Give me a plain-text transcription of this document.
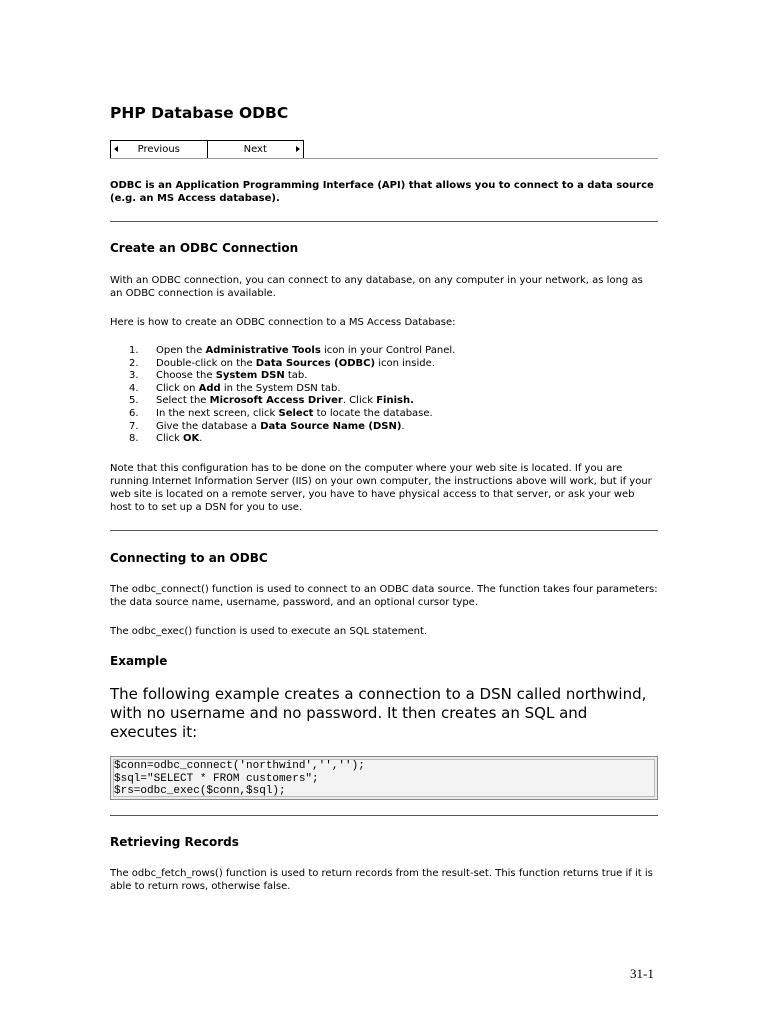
PHP Database ODBC
Previous	Next

ODBC is an Application Programming Interface (API) that allows you to connect to a data source (e.g. an MS Access database).

Create an ODBC Connection

With an ODBC connection, you can connect to any database, on any computer in your network, as long as an ODBC connection is available.

Here is how to create an ODBC connection to a MS Access Database:

1.	Open the Administrative Tools icon in your Control Panel.
2.	Double-click on the Data Sources (ODBC) icon inside.
3.	Choose the System DSN tab.
4.	Click on Add in the System DSN tab.
5.	Select the Microsoft Access Driver. Click Finish.
6.	In the next screen, click Select to locate the database.
7.	Give the database a Data Source Name (DSN).
8.	Click OK.

Note that this configuration has to be done on the computer where your web site is located. If you are running Internet Information Server (IIS) on your own computer, the instructions above will work, but if your web site is located on a remote server, you have to have physical access to that server, or ask your web host to to set up a DSN for you to use.

Connecting to an ODBC

The odbc_connect() function is used to connect to an ODBC data source. The function takes four parameters: the data source name, username, password, and an optional cursor type.

The odbc_exec() function is used to execute an SQL statement.

Example

The following example creates a connection to a DSN called northwind, with no username and no password. It then creates an SQL and executes it:

$conn=odbc_connect('northwind','','');
$sql="SELECT * FROM customers";
$rs=odbc_exec($conn,$sql);
Retrieving Records

The odbc_fetch_rows() function is used to return records from the result-set. This function returns true if it is able to return rows, otherwise false.

31-1
